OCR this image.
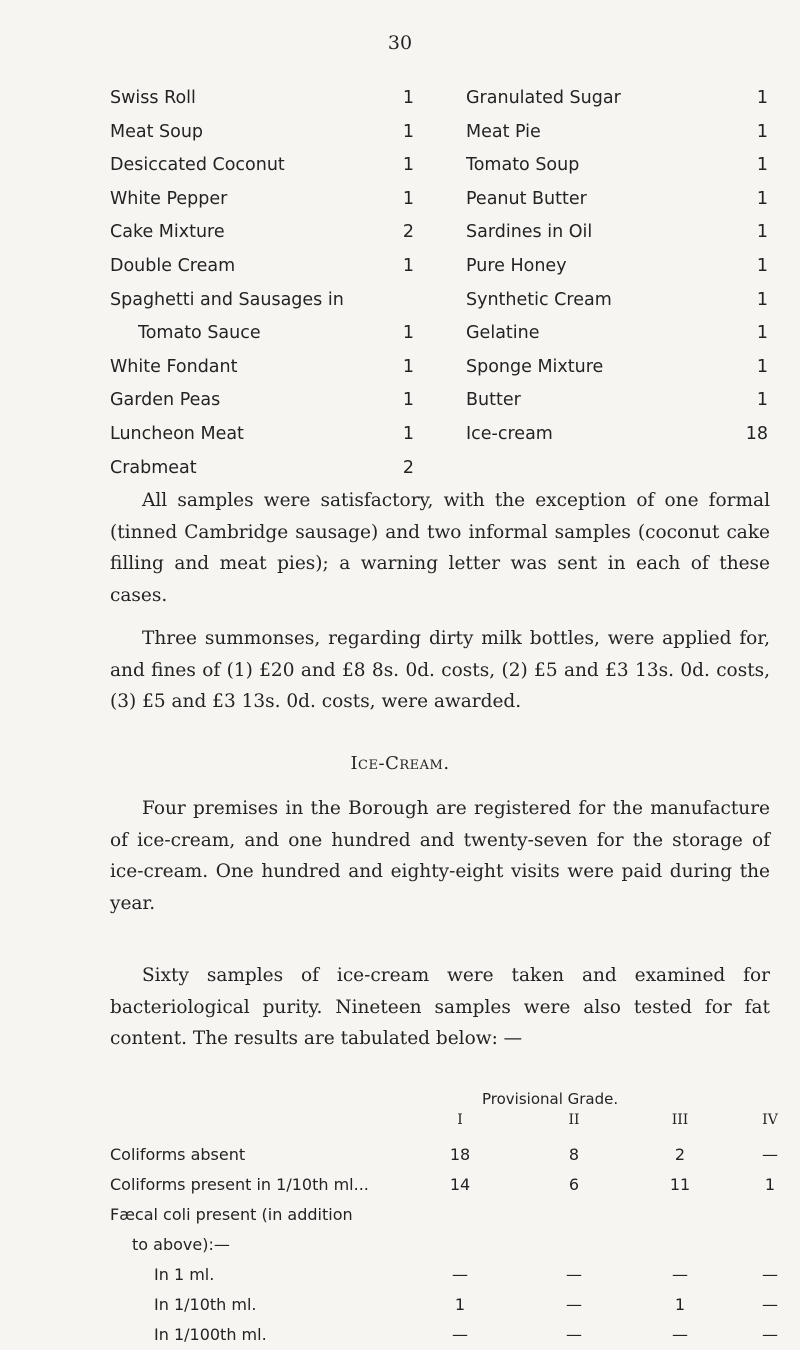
30
Swiss Roll	1
Meat Soup	1
Desiccated Coconut	1
White Pepper	1
Cake Mixture	2
Double Cream	1
Spaghetti and Sausages in
Tomato Sauce	1
White Fondant	1
Garden Peas	1
Luncheon Meat	1
Crabmeat	2
Granulated Sugar	1
Meat Pie	1
Tomato Soup	1
Peanut Butter	1
Sardines in Oil	1
Pure Honey	1
Synthetic Cream	1
Gelatine	1
Sponge Mixture	1
Butter	1
Ice-cream	18
All samples were satisfactory, with the exception of one formal (tinned Cambridge sausage) and two informal samples (coconut cake filling and meat pies); a warning letter was sent in each of these cases.
Three summonses, regarding dirty milk bottles, were applied for, and fines of (1) £20 and £8 8s. 0d. costs, (2) £5 and £3 13s. 0d. costs, (3) £5 and £3 13s. 0d. costs, were awarded.
Ice-Cream.
Four premises in the Borough are registered for the manufacture of ice-cream, and one hundred and twenty-seven for the storage of ice-cream. One hundred and eighty-eight visits were paid during the year.
Sixty samples of ice-cream were taken and examined for bacteriological purity. Nineteen samples were also tested for fat content. The results are tabulated below: —
Provisional Grade.
I	II	III	IV
Coliforms absent	18	8	2	—
Coliforms present in 1/10th ml...	14	6	11	1
Fæcal coli present (in addition
to above):—
In 1 ml.	—	—	—	—
In 1/10th ml.	1	—	1	—
In 1/100th ml.	—	—	—	—
